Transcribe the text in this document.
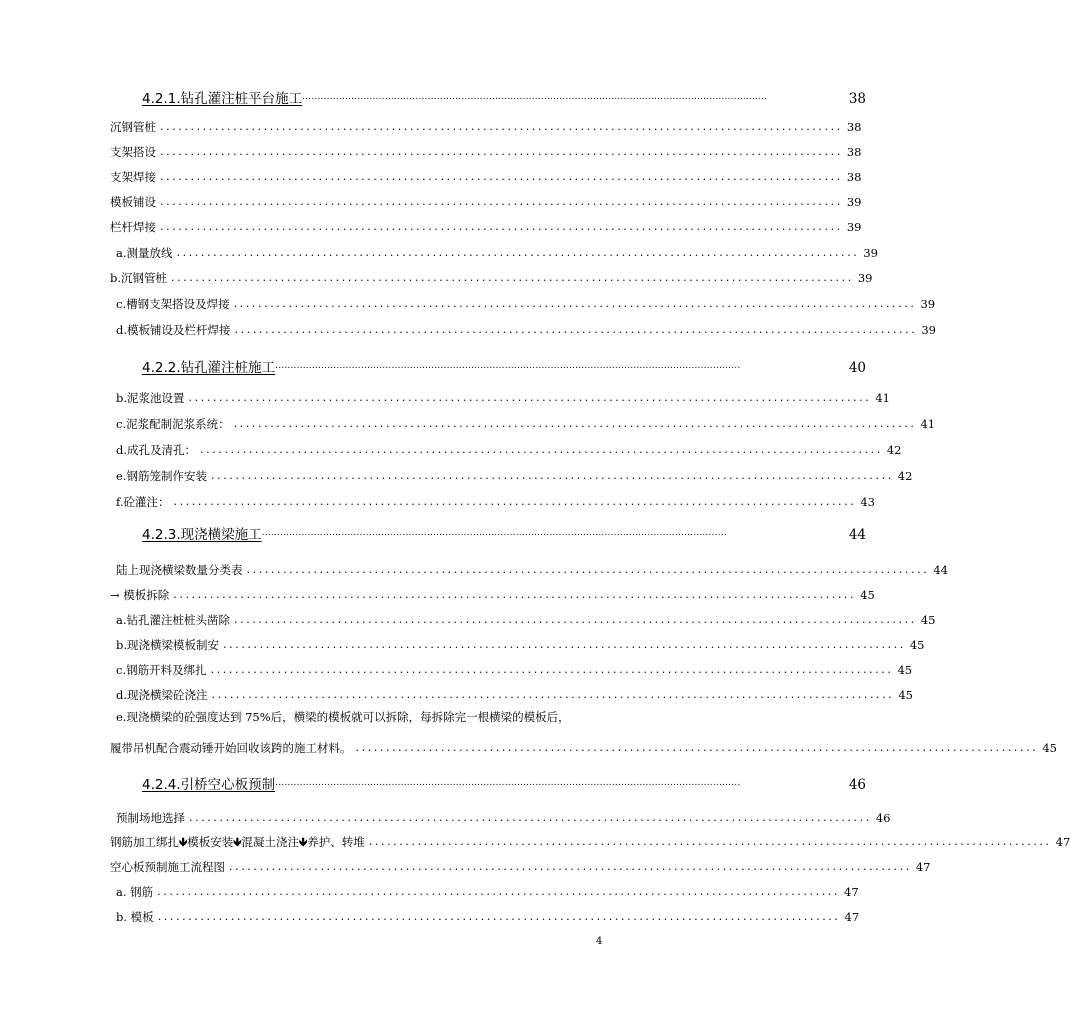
4.2.1.钻孔灌注桩平台施工 ........................................................................................................................................................	38
沉钢管桩 ................................................................................................................ 38
支架搭设 ................................................................................................................ 38
支架焊接 ................................................................................................................ 38
模板铺设 ................................................................................................................ 39
栏杆焊接 ................................................................................................................ 39
a.测量放线 ................................................................................................................ 39
b.沉钢管桩 ................................................................................................................ 39
c.槽钢支架搭设及焊接 ................................................................................................................ 39
d.模板铺设及栏杆焊接 ................................................................................................................ 39
4.2.2.钻孔灌注桩施工 ........................................................................................................................................................	40
b.泥浆池设置 ................................................................................................................ 41
c.泥浆配制泥浆系统： ................................................................................................................ 41
d.成孔及清孔： ................................................................................................................ 42
e.钢筋笼制作安装 ................................................................................................................ 42
f.砼灌注： ................................................................................................................ 43
4.2.3.现浇横梁施工 ........................................................................................................................................................	44
陆上现浇横梁数量分类表 ................................................................................................................ 44
→ 模板拆除 ................................................................................................................ 45
a.钻孔灌注桩桩头凿除 ................................................................................................................ 45
b.现浇横梁模板制安 ................................................................................................................ 45
c.钢筋开料及绑扎 ................................................................................................................ 45
d.现浇横梁砼浇注 ................................................................................................................ 45
e.现浇横梁的砼强度达到 75%后，横梁的模板就可以拆除，每拆除完一根横梁的模板后，
履带吊机配合震动锤开始回收该跨的施工材料。 ................................................................................................................ 45
4.2.4.引桥空心板预制 ........................................................................................................................................................	46
预制场地选择 ................................................................................................................ 46
钢筋加工绑扎🡻模板安装🡻混凝土浇注🡻养护、转堆 ................................................................................................................ 47
空心板预制施工流程图 ................................................................................................................ 47
a. 钢筋 ................................................................................................................ 47
b. 模板 ................................................................................................................ 47
4
